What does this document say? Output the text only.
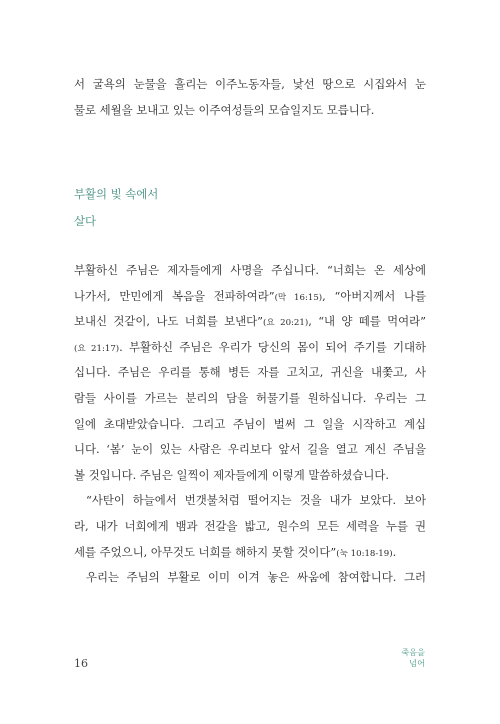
서 굴욕의 눈물을 흘리는 이주노동자들, 낯선 땅으로 시집와서 눈
물로 세월을 보내고 있는 이주여성들의 모습일지도 모릅니다.
부활의 빛 속에서
살다
부활하신 주님은 제자들에게 사명을 주십니다. “너희는 온 세상에
나가서, 만민에게 복음을 전파하여라”(막 16:15), “아버지께서 나를
보내신 것같이, 나도 너희를 보낸다”(요 20:21), “내 양 떼를 먹여라”
(요 21:17). 부활하신 주님은 우리가 당신의 몸이 되어 주기를 기대하
십니다. 주님은 우리를 통해 병든 자를 고치고, 귀신을 내쫓고, 사
람들 사이를 가르는 분리의 담을 허물기를 원하십니다. 우리는 그
일에 초대받았습니다. 그리고 주님이 벌써 그 일을 시작하고 계십
니다. ‘봄’ 눈이 있는 사람은 우리보다 앞서 길을 열고 계신 주님을
볼 것입니다. 주님은 일찍이 제자들에게 이렇게 말씀하셨습니다.
“사탄이 하늘에서 번갯불처럼 떨어지는 것을 내가 보았다. 보아
라, 내가 너희에게 뱀과 전갈을 밟고, 원수의 모든 세력을 누를 권
세를 주었으니, 아무것도 너희를 해하지 못할 것이다”(눅 10:18-19).
우리는 주님의 부활로 이미 이겨 놓은 싸움에 참여합니다. 그러
16
죽음을
넘어
